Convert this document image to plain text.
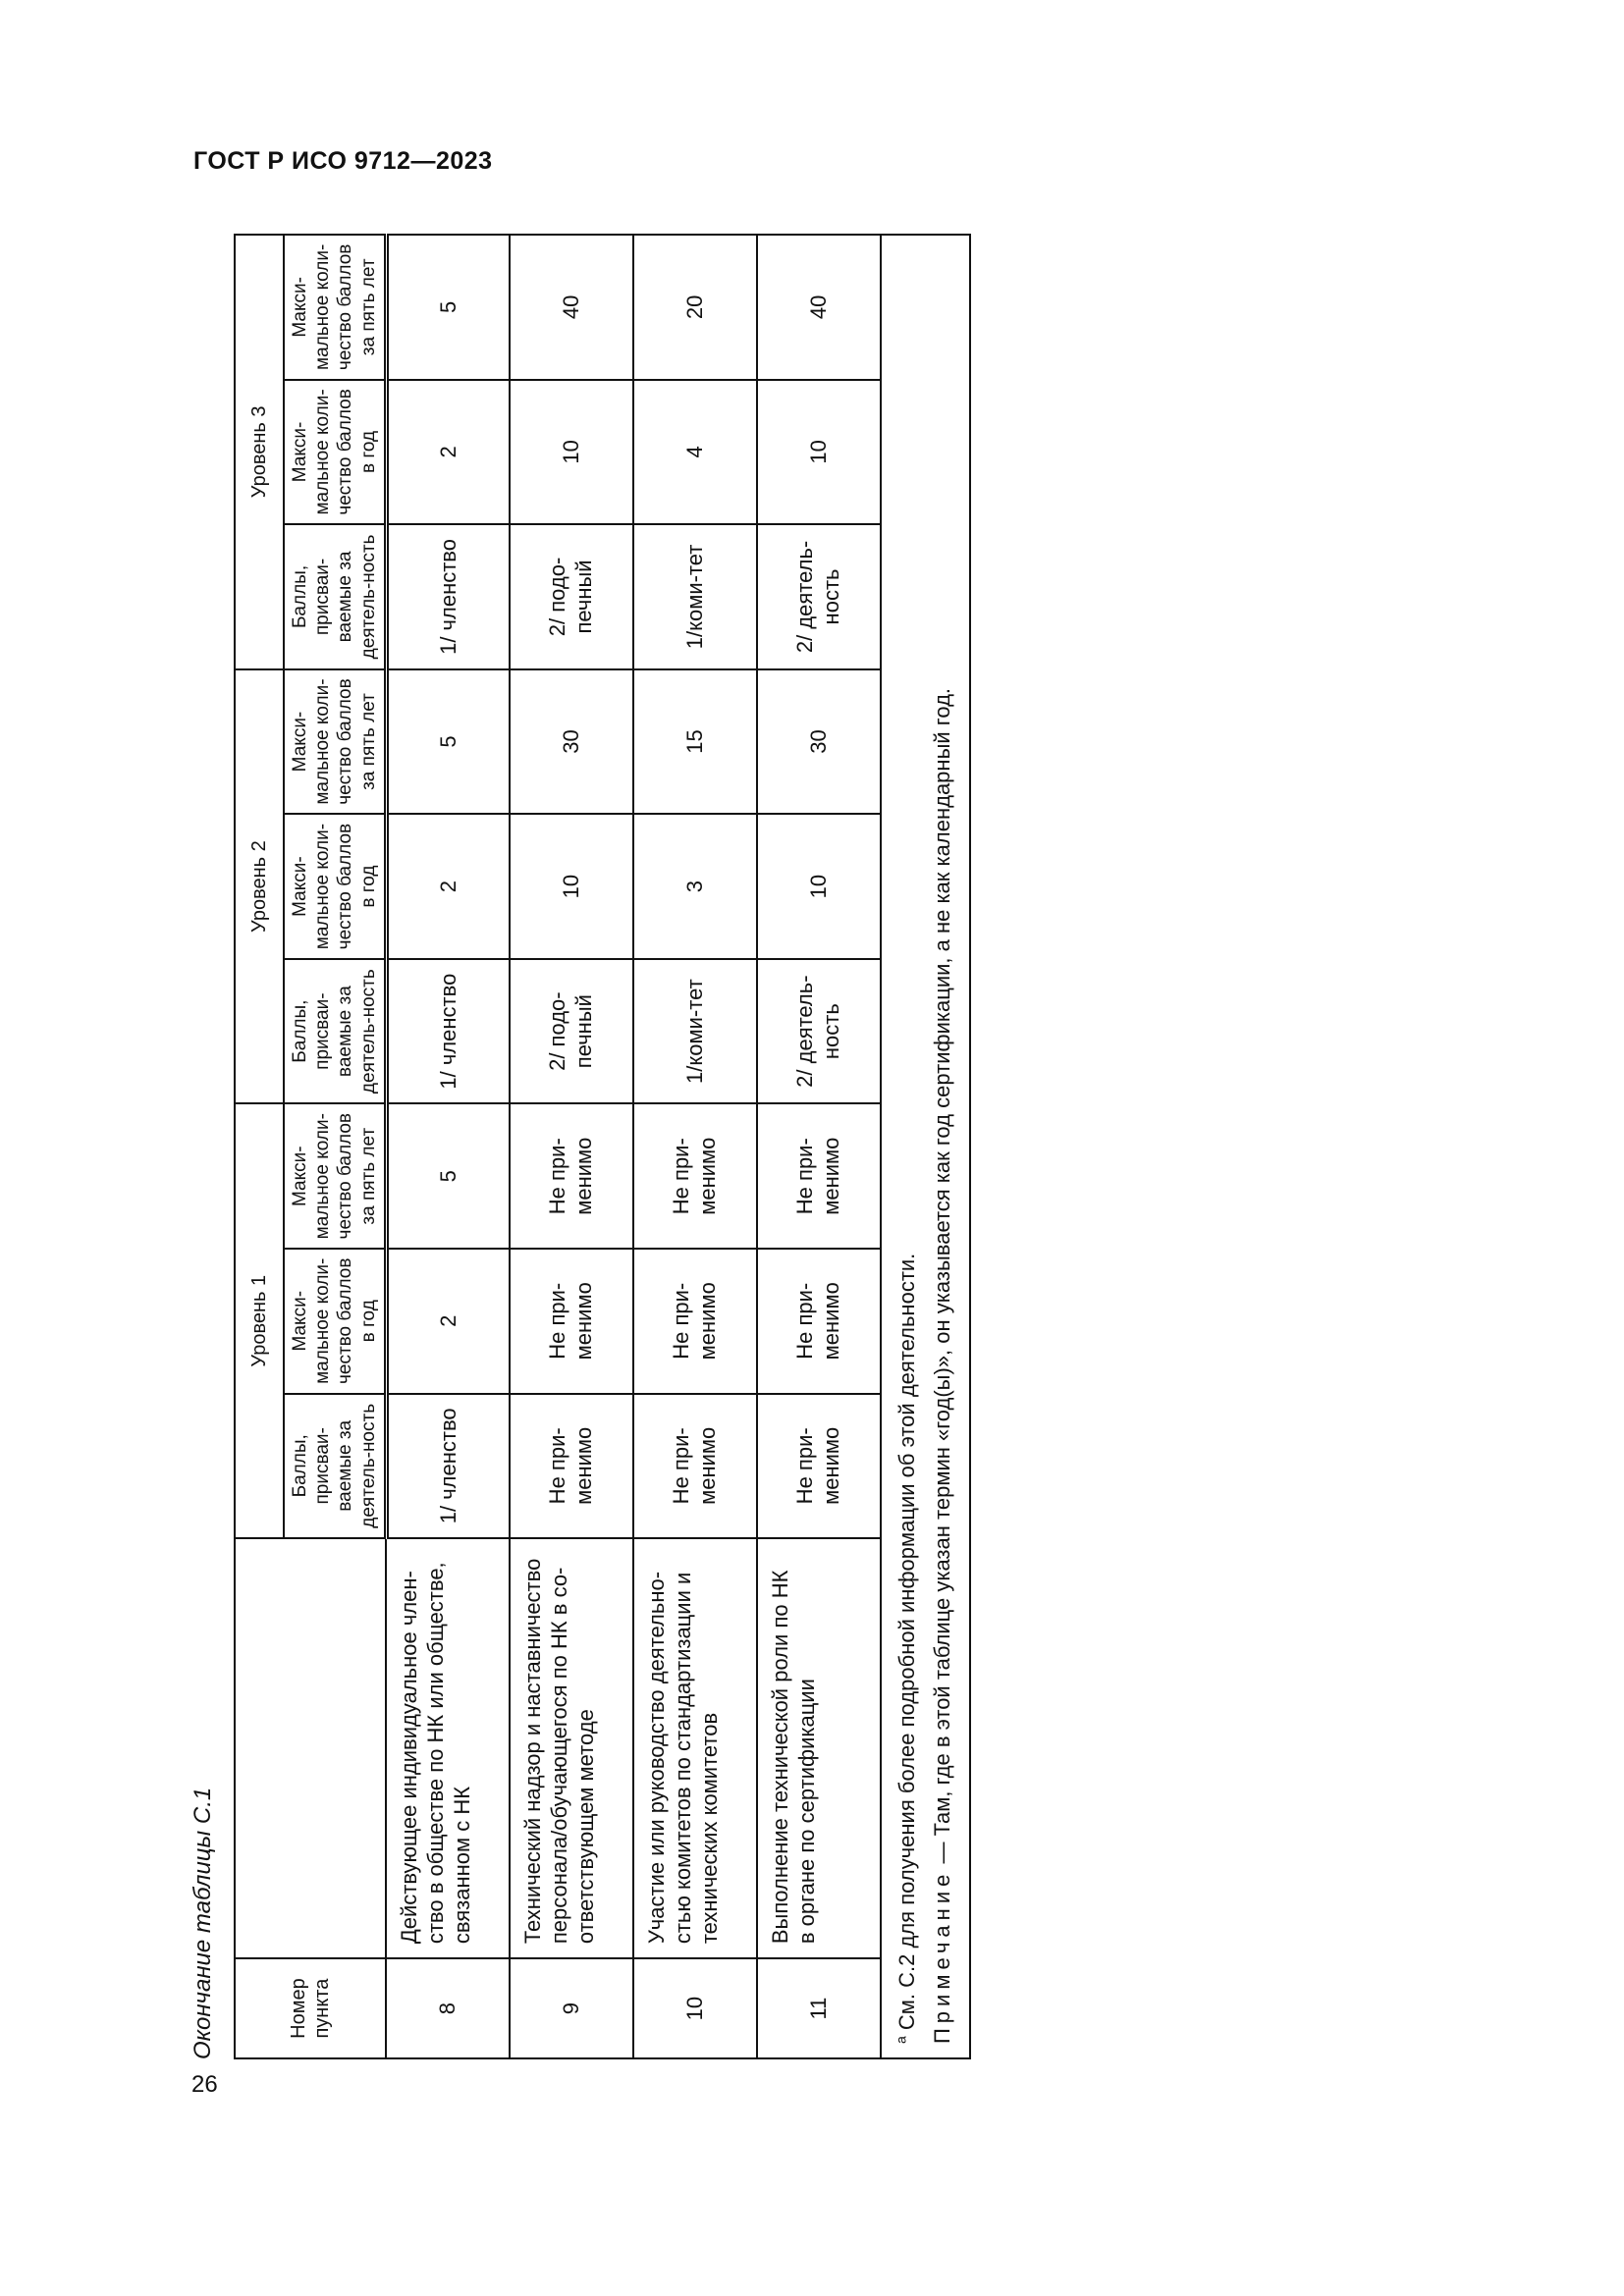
ГОСТ Р ИСО 9712—2023
Окончание таблицы С.1	Номер пункта		Уровень 1			Уровень 2			Уровень 3		
		Баллы, присваи-ваемые за деятель-ность	Макси-мальное коли-чество баллов в год	Макси-мальное коли-чество баллов за пять лет	Баллы, присваи-ваемые за деятель-ность	Макси-мальное коли-чество баллов в год	Макси-мальное коли-чество баллов за пять лет	Баллы, присваи-ваемые за деятель-ность	Макси-мальное коли-чество баллов в год	Макси-мальное коли-чество баллов за пять лет
8	Действующее индивидуальное член-ство в обществе по НК или обществе, связанном с НК	1/ членство	2	5	1/ членство	2	5	1/ членство	2	5
9	Технический надзор и наставничество персонала/обучающегося по НК в со-ответствующем методе	Не при-менимо	Не при-менимо	Не при-менимо	2/ подо-печный	10	30	2/ подо-печный	10	40
10	Участие или руководство деятельно-стью комитетов по стандартизации и технических комитетов	Не при-менимо	Не при-менимо	Не при-менимо	1/коми-тет	3	15	1/коми-тет	4	20
11	Выполнение технической роли по НК в органе по сертификации	Не при-менимо	Не при-менимо	Не при-менимо	2/ деятель-ность	10	30	2/ деятель-ность	10	40

$^а$ См. С.2 для получения более подробной информации об этой деятельности. Примечание — Там, где в этой таблице указан термин «год(ы)», он указывается как год сертификации, а не как календарный год.										
26
